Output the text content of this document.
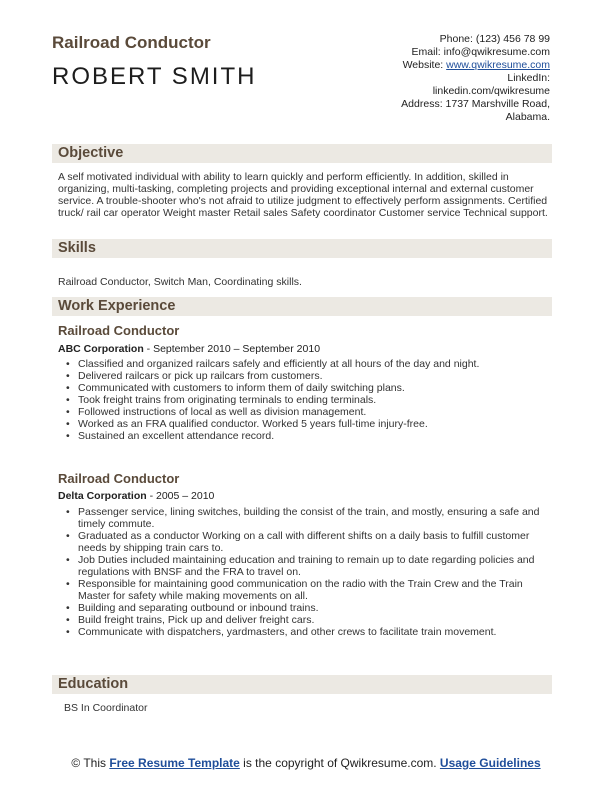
Railroad Conductor
ROBERT SMITH
Phone: (123) 456 78 99
Email: info@qwikresume.com
Website: www.qwikresume.com
LinkedIn:
linkedin.com/qwikresume
Address: 1737 Marshville Road,
Alabama.
Objective
A self motivated individual with ability to learn quickly and perform efficiently. In addition, skilled in organizing, multi-tasking, completing projects and providing exceptional internal and external customer service. A trouble-shooter who's not afraid to utilize judgment to effectively perform assignments. Certified truck/ rail car operator Weight master Retail sales Safety coordinator Customer service Technical support.
Skills
Railroad Conductor, Switch Man, Coordinating skills.
Work Experience
Railroad Conductor
ABC Corporation - September 2010 – September 2010
• Classified and organized railcars safely and efficiently at all hours of the day and night.
• Delivered railcars or pick up railcars from customers.
• Communicated with customers to inform them of daily switching plans.
• Took freight trains from originating terminals to ending terminals.
• Followed instructions of local as well as division management.
• Worked as an FRA qualified conductor. Worked 5 years full-time injury-free.
• Sustained an excellent attendance record.
Railroad Conductor
Delta Corporation - 2005 – 2010
• Passenger service, lining switches, building the consist of the train, and mostly, ensuring a safe and timely commute.
• Graduated as a conductor Working on a call with different shifts on a daily basis to fulfill customer needs by shipping train cars to.
• Job Duties included maintaining education and training to remain up to date regarding policies and regulations with BNSF and the FRA to travel on.
• Responsible for maintaining good communication on the radio with the Train Crew and the Train Master for safety while making movements on all.
• Building and separating outbound or inbound trains.
• Build freight trains, Pick up and deliver freight cars.
• Communicate with dispatchers, yardmasters, and other crews to facilitate train movement.
Education
BS In Coordinator
© This Free Resume Template is the copyright of Qwikresume.com. Usage Guidelines
